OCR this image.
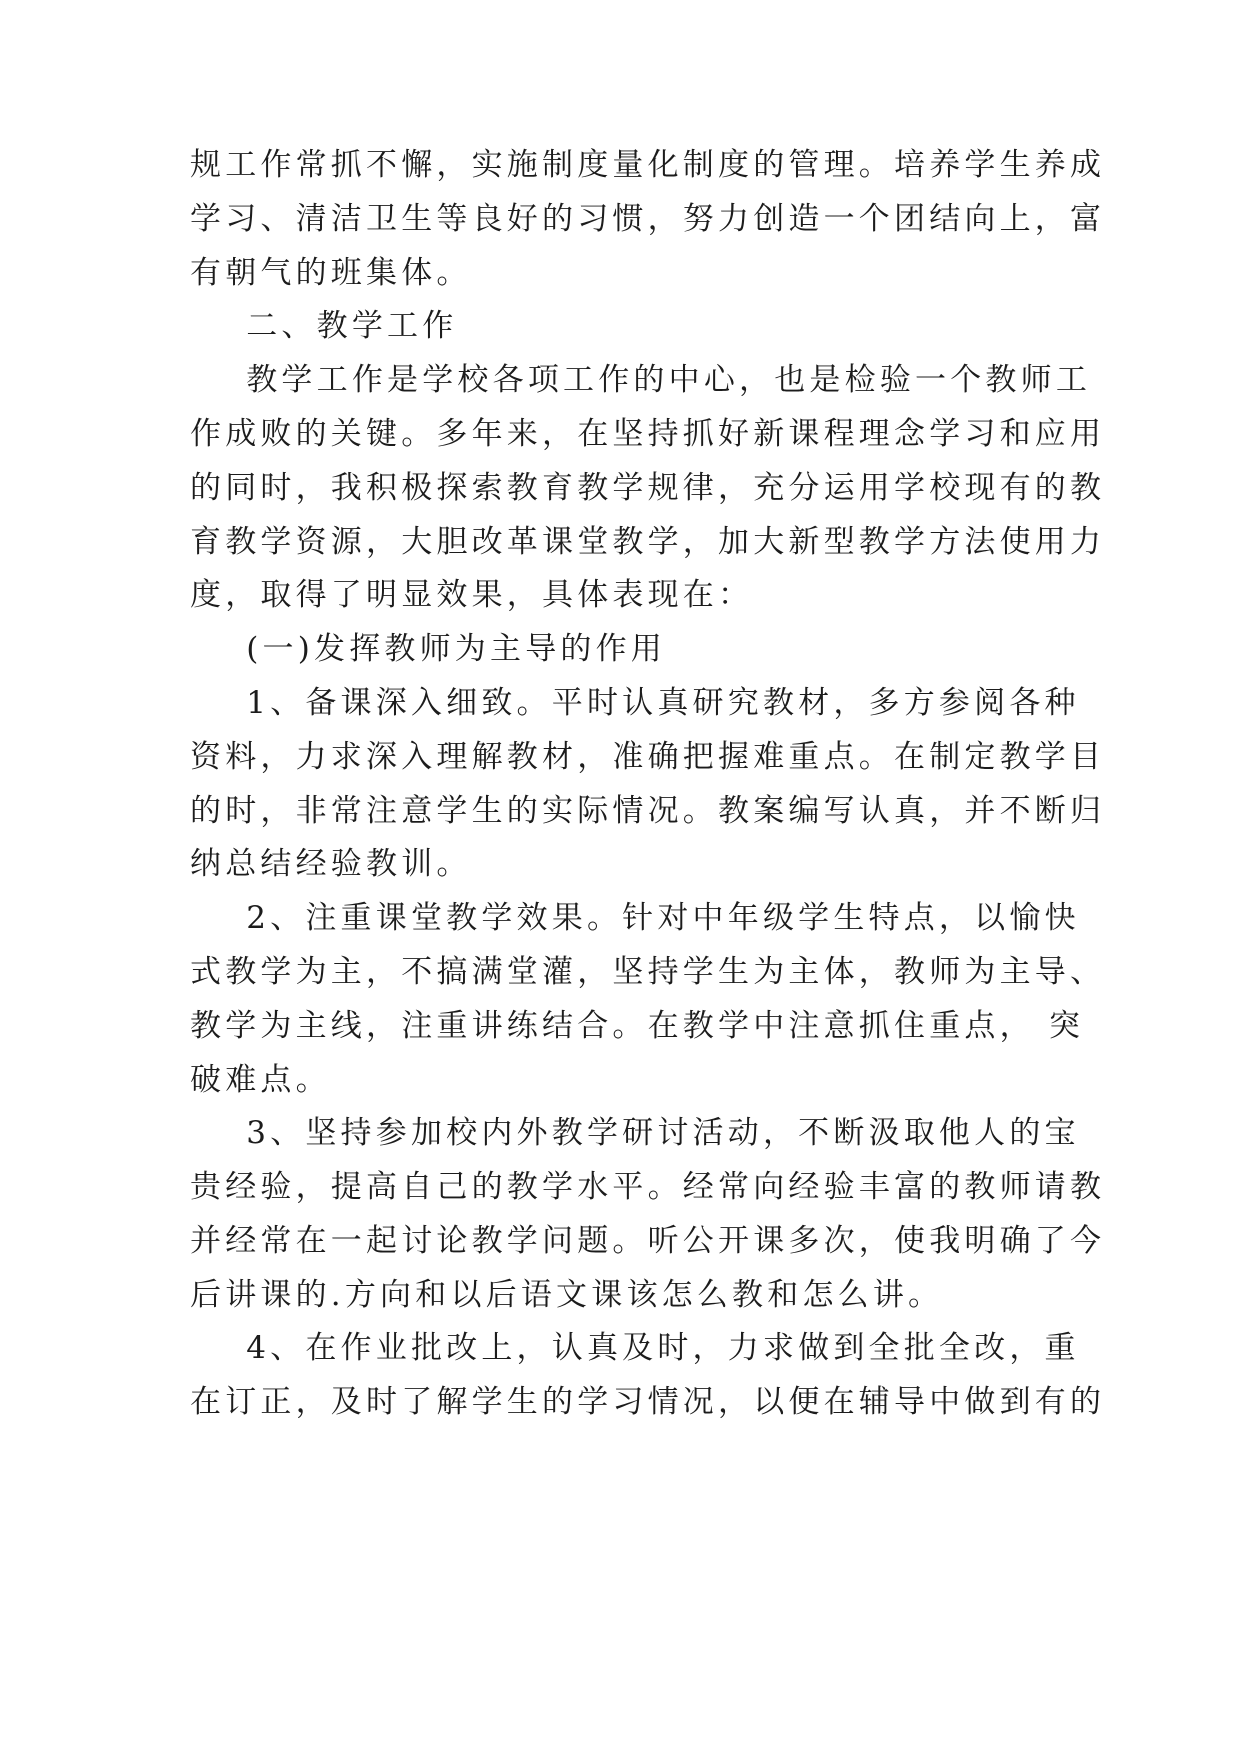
规工作常抓不懈，实施制度量化制度的管理。培养学生养成
学习、清洁卫生等良好的习惯，努力创造一个团结向上，富
有朝气的班集体。
二、教学工作
教学工作是学校各项工作的中心，也是检验一个教师工
作成败的关键。多年来，在坚持抓好新课程理念学习和应用
的同时，我积极探索教育教学规律，充分运用学校现有的教
育教学资源，大胆改革课堂教学，加大新型教学方法使用力
度，取得了明显效果，具体表现在：
(一)发挥教师为主导的作用
1、备课深入细致。平时认真研究教材，多方参阅各种
资料，力求深入理解教材，准确把握难重点。在制定教学目
的时，非常注意学生的实际情况。教案编写认真，并不断归
纳总结经验教训。
2、注重课堂教学效果。针对中年级学生特点，以愉快
式教学为主，不搞满堂灌，坚持学生为主体，教师为主导、
教学为主线，注重讲练结合。在教学中注意抓住重点， 突
破难点。
3、坚持参加校内外教学研讨活动，不断汲取他人的宝
贵经验，提高自己的教学水平。经常向经验丰富的教师请教
并经常在一起讨论教学问题。听公开课多次，使我明确了今
后讲课的.方向和以后语文课该怎么教和怎么讲。
4、在作业批改上，认真及时，力求做到全批全改，重
在订正，及时了解学生的学习情况，以便在辅导中做到有的
